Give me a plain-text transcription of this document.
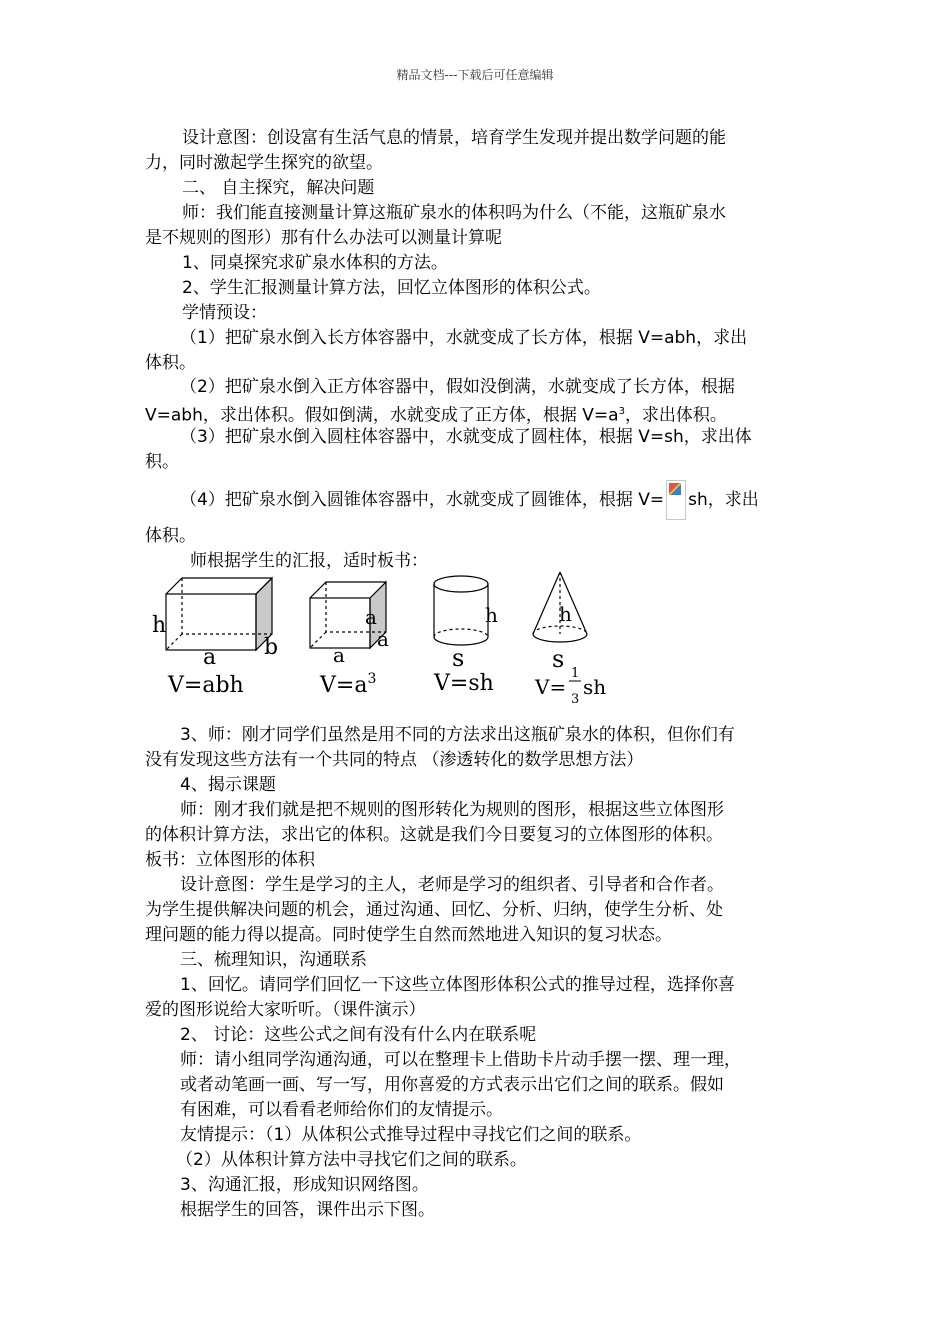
精品文档---下载后可任意编辑
设计意图：创设富有生活气息的情景，培育学生发现并提出数学问题的能
力，同时激起学生探究的欲望。
二、 自主探究，解决问题
师：我们能直接测量计算这瓶矿泉水的体积吗为什么（不能，这瓶矿泉水
是不规则的图形）那有什么办法可以测量计算呢
1、同桌探究求矿泉水体积的方法。
2、学生汇报测量计算方法，回忆立体图形的体积公式。
学情预设：
（1）把矿泉水倒入长方体容器中，水就变成了长方体，根据 V=abh，求出
体积。
（2）把矿泉水倒入正方体容器中，假如没倒满，水就变成了长方体，根据
V=abh，求出体积。假如倒满，水就变成了正方体，根据 $V=a^3$，求出体积。
（3）把矿泉水倒入圆柱体容器中，水就变成了圆柱体，根据 V=sh，求出体
积。
（4）把矿泉水倒入圆锥体容器中，水就变成了圆锥体，根据 V= sh，求出
体积。
师根据学生的汇报，适时板书：
h
a b
V=abh
a
a
a
$V=a^3$
h
s
V=sh
h
s
V=
1
3
sh
3、师：刚才同学们虽然是用不同的方法求出这瓶矿泉水的体积，但你们有
没有发现这些方法有一个共同的特点 （渗透转化的数学思想方法）
4、揭示课题
师：刚才我们就是把不规则的图形转化为规则的图形，根据这些立体图形
的体积计算方法，求出它的体积。这就是我们今日要复习的立体图形的体积。
板书：立体图形的体积
设计意图：学生是学习的主人，老师是学习的组织者、引导者和合作者。
为学生提供解决问题的机会，通过沟通、回忆、分析、归纳，使学生分析、处
理问题的能力得以提高。同时使学生自然而然地进入知识的复习状态。
三、梳理知识，沟通联系
1、回忆。请同学们回忆一下这些立体图形体积公式的推导过程，选择你喜
爱的图形说给大家听听。（课件演示）
2、 讨论：这些公式之间有没有什么内在联系呢
师：请小组同学沟通沟通，可以在整理卡上借助卡片动手摆一摆、理一理，
或者动笔画一画、写一写，用你喜爱的方式表示出它们之间的联系。假如
有困难，可以看看老师给你们的友情提示。
友情提示：（1）从体积公式推导过程中寻找它们之间的联系。
（2）从体积计算方法中寻找它们之间的联系。
3、沟通汇报，形成知识网络图。
根据学生的回答，课件出示下图。
